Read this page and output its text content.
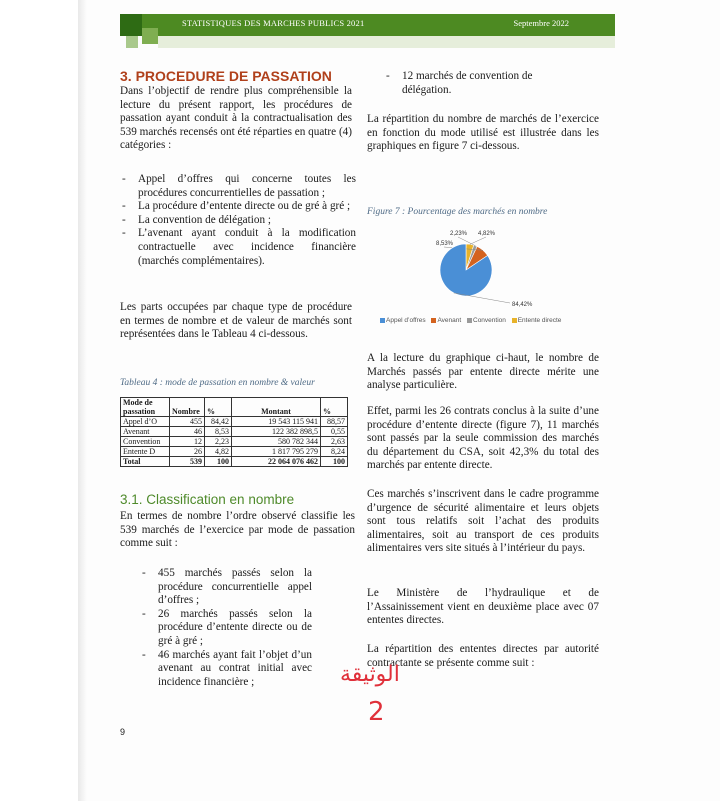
STATISTIQUES DES MARCHES PUBLICS 2021	Septembre 2022
3. PROCEDURE DE PASSATION
Dans l’objectif de rendre plus compréhensible la lecture du présent rapport, les procédures de passation ayant conduit à la contractualisation des 539 marchés recensés ont été réparties en quatre (4) catégories :
- Appel d’offres qui concerne toutes les procédures concurrentielles de passation ;
- La procédure d’entente directe ou de gré à gré ;
- La convention de délégation ;
- L’avenant ayant conduit à la modification contractuelle avec incidence financière (marchés complémentaires).
Les parts occupées par chaque type de procédure en termes de nombre et de valeur de marchés sont représentées dans le Tableau 4 ci-dessous.
Tableau 4 : mode de passation en nombre & valeur
Mode de passation	Nombre	%	Montant	%
Appel d’O	455	84,42	19 543 115 941	88,57
Avenant	46	8,53	122 382 898,5	0,55
Convention	12	2,23	580 782 344	2,63
Entente D	26	4,82	1 817 795 279	8,24
Total	539	100	22 064 076 462	100
3.1. Classification en nombre
En termes de nombre l’ordre observé classifie les 539 marchés de l’exercice par mode de passation comme suit :
- 455 marchés passés selon la procédure concurrentielle appel d’offres ;
- 26 marchés passés selon la procédure d’entente directe ou de gré à gré ;
- 46 marchés ayant fait l’objet d’un avenant au contrat initial avec incidence financière ;
9
- 12 marchés de convention de délégation.
La répartition du nombre de marchés de l’exercice en fonction du mode utilisé est illustrée dans les graphiques en figure 7 ci-dessous.
Figure 7 : Pourcentage des marchés en nombre
4,82%
2,23%
8,53%
84,42%
Appel d’offres Avenant Convention Entente directe
A la lecture du graphique ci-haut, le nombre de Marchés passés par entente directe mérite une analyse particulière.
Effet, parmi les 26 contrats conclus à la suite d’une procédure d’entente directe (figure 7), 11 marchés sont passés par la seule commission des marchés du département du CSA, soit 42,3% du total des marchés par entente directe.
Ces marchés s’inscrivent dans le cadre programme d’urgence de sécurité alimentaire et leurs objets sont tous relatifs soit l’achat des produits alimentaires, soit au transport de ces produits alimentaires vers site situés à l’intérieur du pays.
Le Ministère de l’hydraulique et de l’Assainissement vient en deuxième place avec 07 ententes directes.
La répartition des ententes directes par autorité contractante se présente comme suit :
الوثيقة
2
